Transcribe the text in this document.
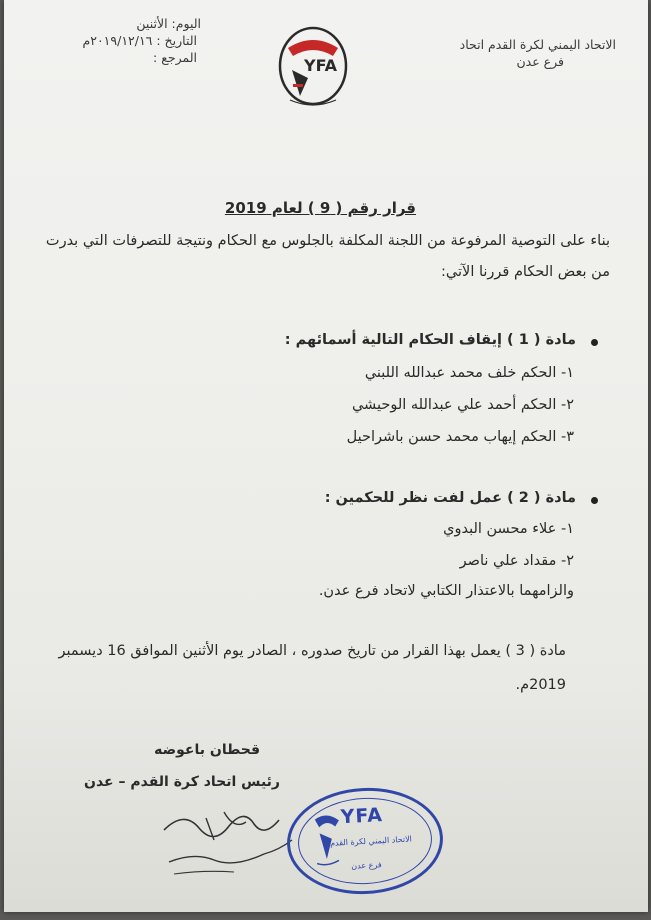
الاتحاد اليمني لكرة القدم اتحاد
فرع عدن
اليوم: الأثنين
التاريخ : ٢٠١٩/١٢/١٦م
المرجع :	YFA
قرار رقم ( 9 ) لعام 2019
بناء على التوصية المرفوعة من اللجنة المكلفة بالجلوس مع الحكام ونتيجة للتصرفات التي بدرت
من بعض الحكام قررنا الآتي:
مادة ( 1 ) إيقاف الحكام التالية أسمائهم :
١- الحكم خلف محمد عبدالله اللبني
٢- الحكم أحمد علي عبدالله الوحيشي
٣- الحكم إيهاب محمد حسن باشراحيل
مادة ( 2 ) عمل لفت نظر للحكمين :
١- علاء محسن البدوي
٢- مقداد علي ناصر
والزامهما بالاعتذار الكتابي لاتحاد فرع عدن.
مادة ( 3 ) يعمل بهذا القرار من تاريخ صدوره ، الصادر يوم الأثنين الموافق 16 ديسمبر
2019م.
قحطان باعوضه
رئيس اتحاد كرة القدم – عدن
YFA
الاتحاد اليمني لكرة القدم
فرع عدن
